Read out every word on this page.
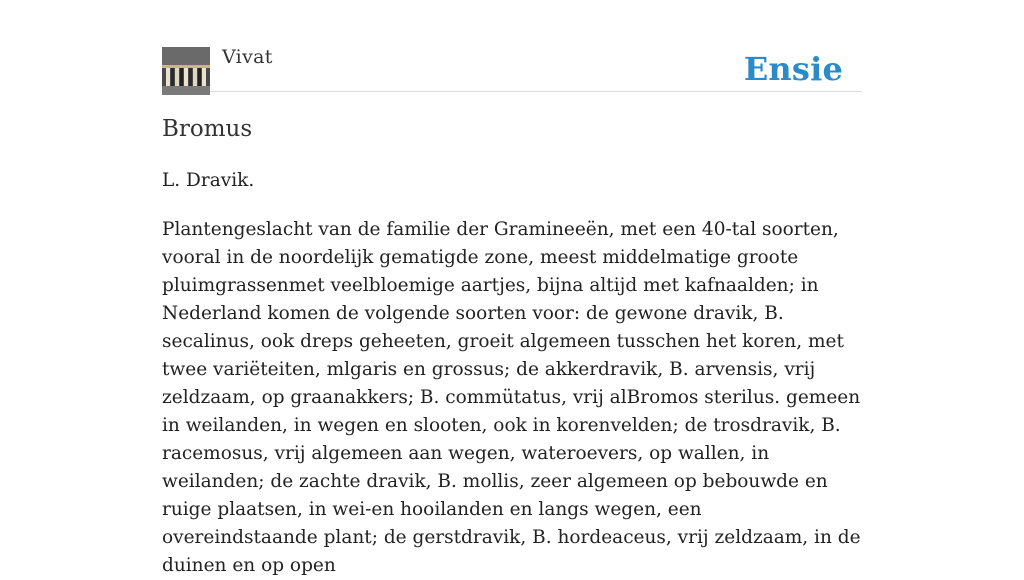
Vivat	Ensie
Bromus

L. Dravik.

Plantengeslacht van de familie der Gramineeën, met een 40-tal soorten, vooral in de noordelijk gematigde zone, meest middelmatige groote pluimgrassenmet veelbloemige aartjes, bijna altijd met kafnaalden; in Nederland komen de volgende soorten voor: de gewone dravik, B. secalinus, ook dreps geheeten, groeit algemeen tusschen het koren, met twee variëteiten, mlgaris en grossus; de akkerdravik, B. arvensis, vrij zeldzaam, op graanakkers; B. commütatus, vrij alBromos sterilus. gemeen in weilanden, in wegen en slooten, ook in korenvelden; de trosdravik, B. racemosus, vrij algemeen aan wegen, wateroevers, op wallen, in weilanden; de zachte dravik, B. mollis, zeer algemeen op bebouwde en ruige plaatsen, in wei-en hooilanden en langs wegen, een overeindstaande plant; de gerstdravik, B. hordeaceus, vrij zeldzaam, in de duinen en op open
